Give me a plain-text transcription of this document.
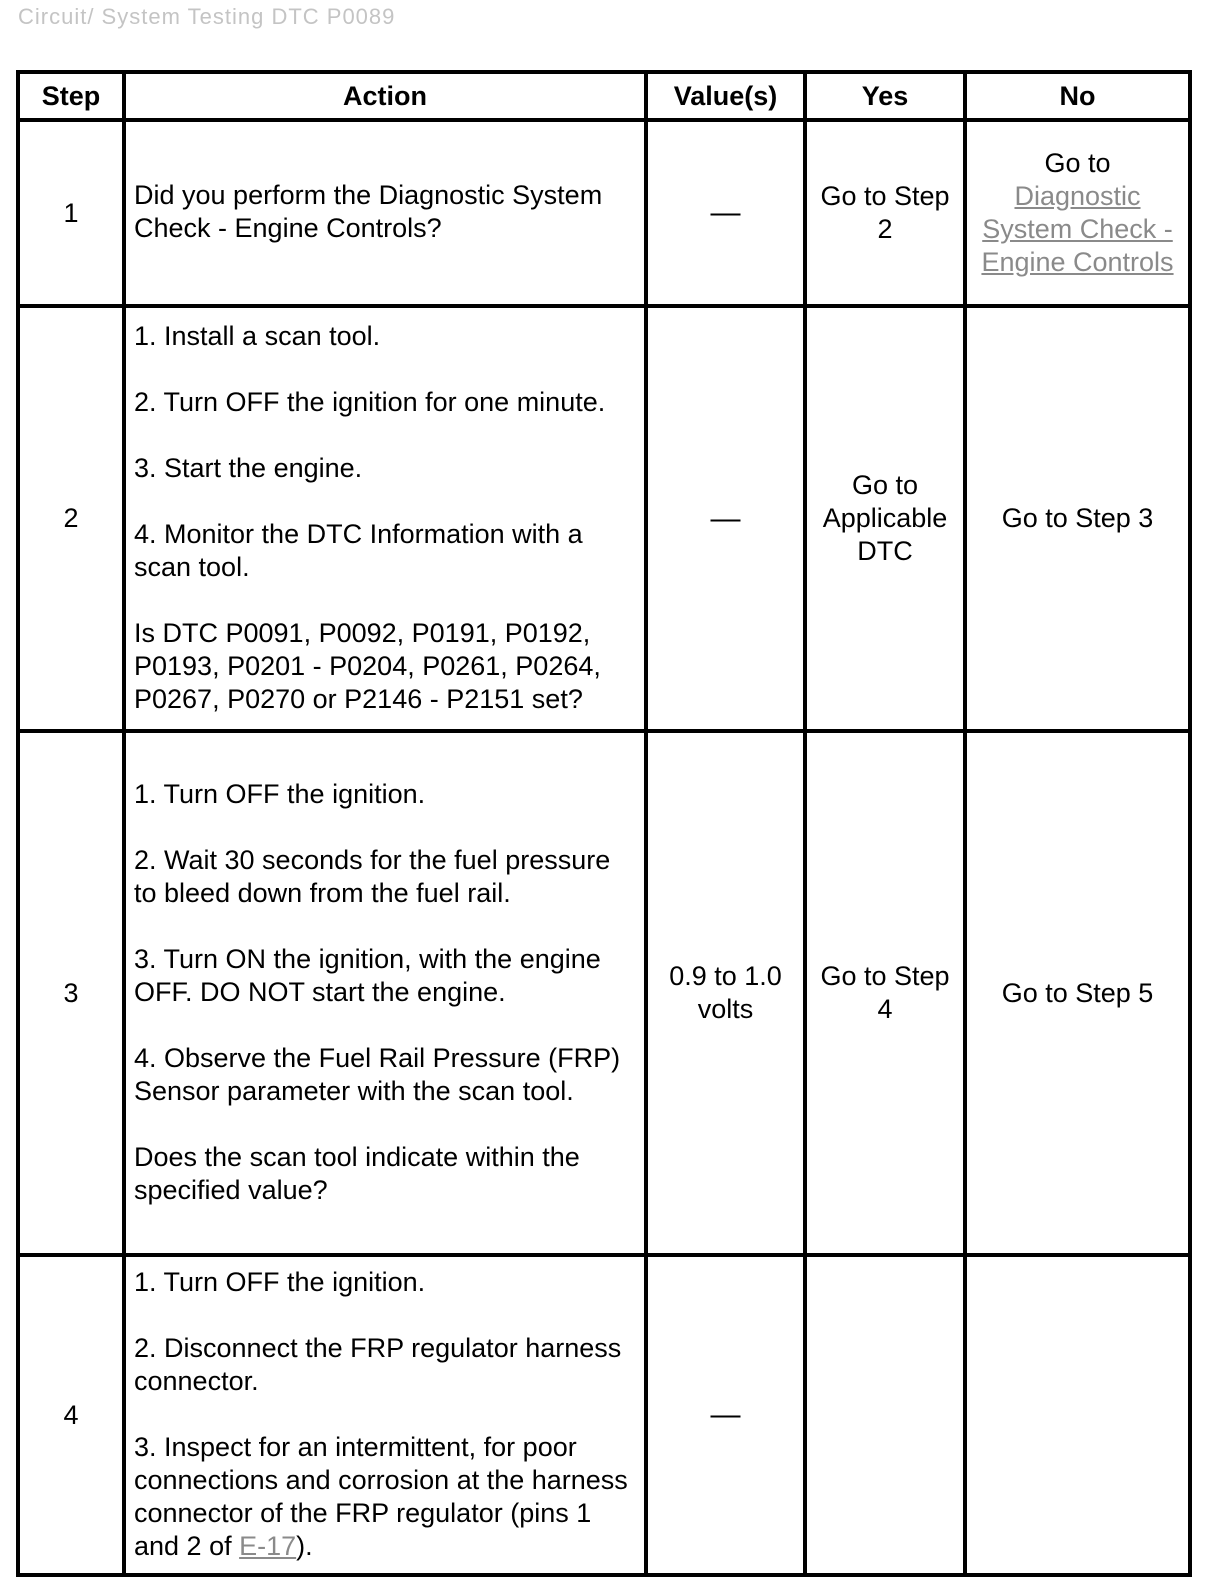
Circuit/ System Testing DTC P0089
Step	Action	Value(s)	Yes	No
1	Did you perform the Diagnostic System Check - Engine Controls?	—	Go to Step 2	Go to
Diagnostic System Check - Engine Controls
2	1. Install a scan tool.

2. Turn OFF the ignition for one minute.

3. Start the engine.

4. Monitor the DTC Information with a scan tool.

Is DTC P0091, P0092, P0191, P0192, P0193, P0201 - P0204, P0261, P0264, P0267, P0270 or P2146 - P2151 set?	—	Go to Applicable DTC	Go to Step 3
3	1. Turn OFF the ignition.

2. Wait 30 seconds for the fuel pressure to bleed down from the fuel rail.

3. Turn ON the ignition, with the engine OFF. DO NOT start the engine.

4. Observe the Fuel Rail Pressure (FRP) Sensor parameter with the scan tool.

Does the scan tool indicate within the specified value?	0.9 to 1.0 volts	Go to Step 4	Go to Step 5
4	1. Turn OFF the ignition.

2. Disconnect the FRP regulator harness connector.

3. Inspect for an intermittent, for poor connections and corrosion at the harness connector of the FRP regulator (pins 1 and 2 of E-17).	—		
